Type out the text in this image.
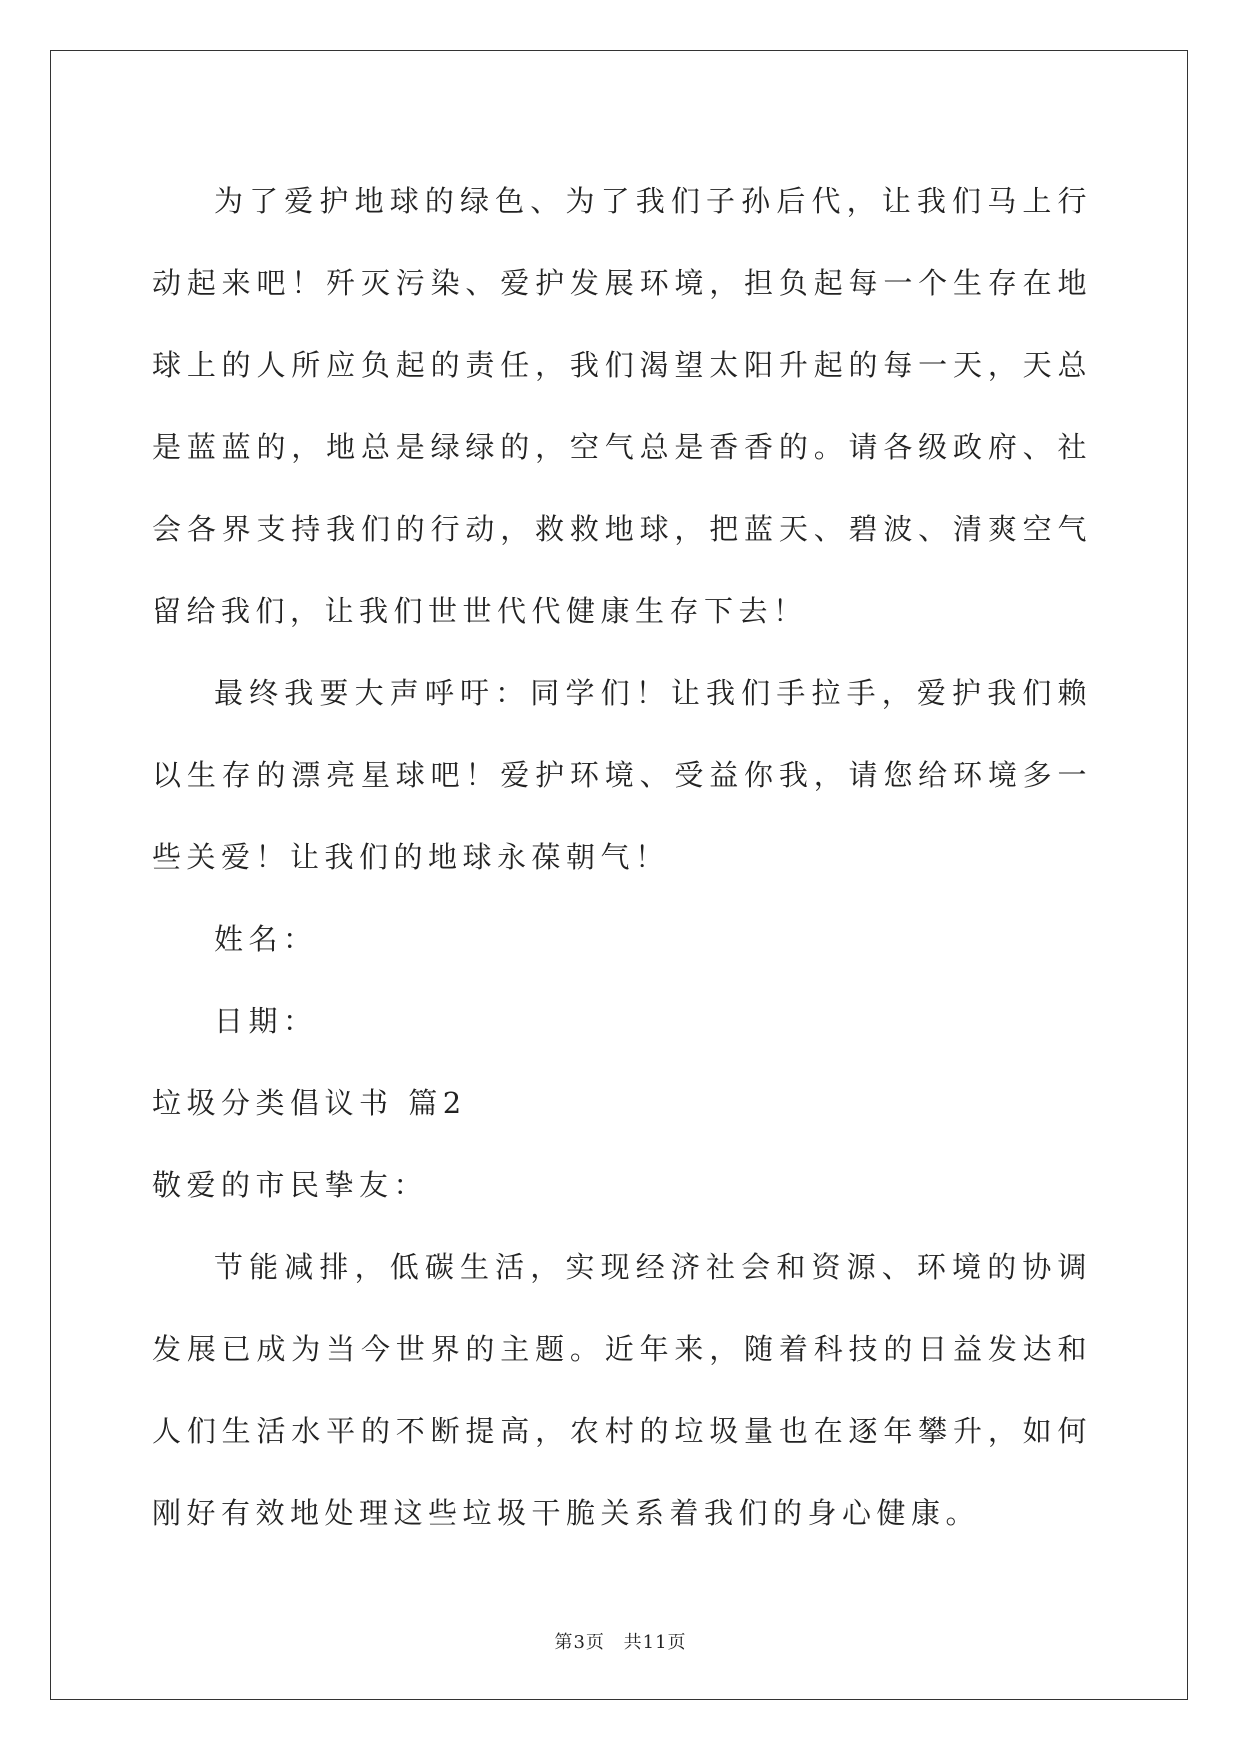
为了爱护地球的绿色、为了我们子孙后代，让我们马上行动起来吧！歼灭污染、爱护发展环境，担负起每一个生存在地球上的人所应负起的责任，我们渴望太阳升起的每一天，天总是蓝蓝的，地总是绿绿的，空气总是香香的。请各级政府、社会各界支持我们的行动，救救地球，把蓝天、碧波、清爽空气留给我们，让我们世世代代健康生存下去！

最终我要大声呼吁：同学们！让我们手拉手，爱护我们赖以生存的漂亮星球吧！爱护环境、受益你我，请您给环境多一些关爱！让我们的地球永葆朝气！

姓名：

日期：

垃圾分类倡议书 篇2

敬爱的市民挚友：

节能减排，低碳生活，实现经济社会和资源、环境的协调发展已成为当今世界的主题。近年来，随着科技的日益发达和人们生活水平的不断提高，农村的垃圾量也在逐年攀升，如何刚好有效地处理这些垃圾干脆关系着我们的身心健康。

第3页 共11页
